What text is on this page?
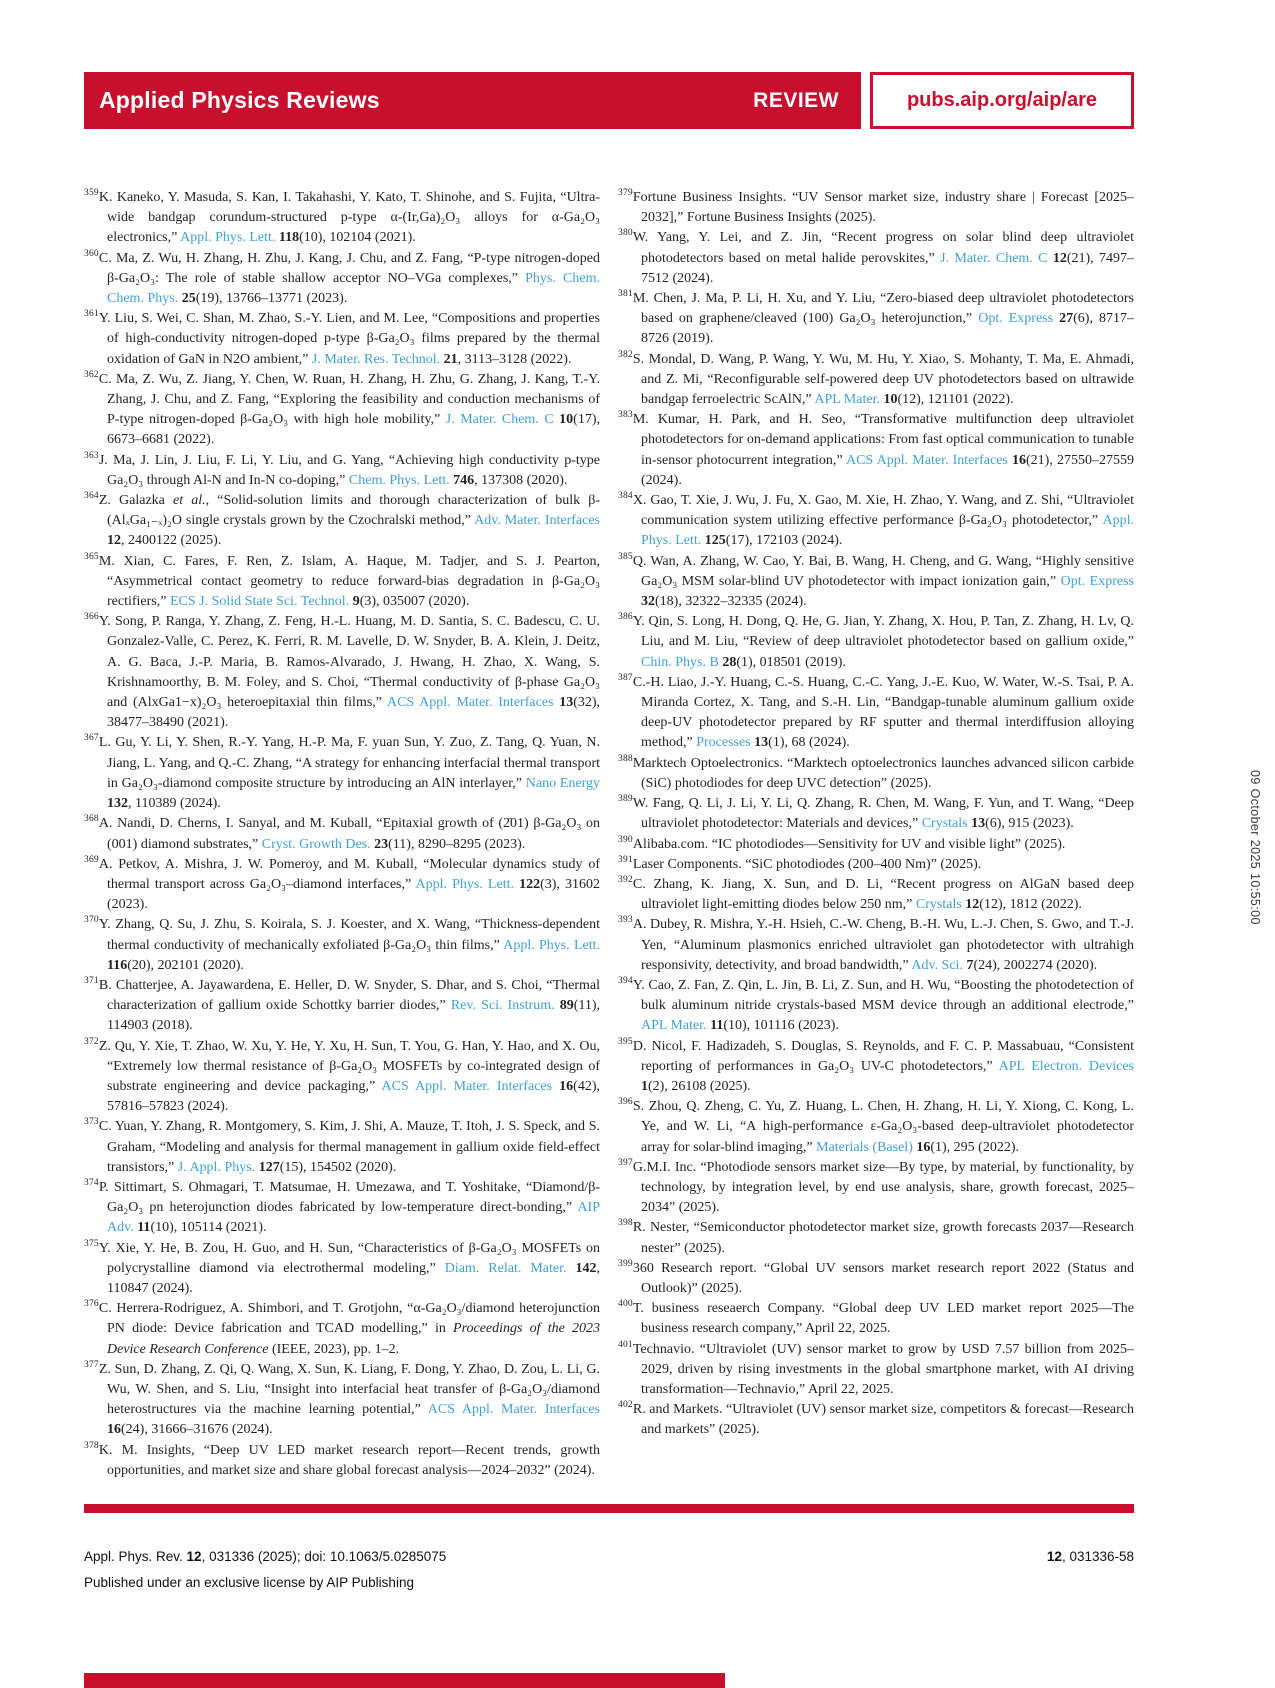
Applied Physics Reviews	REVIEW	pubs.aip.org/aip/are
$^{359}$K. Kaneko, Y. Masuda, S. Kan, I. Takahashi, Y. Kato, T. Shinohe, and S. Fujita, “Ultra-wide bandgap corundum-structured p-type α-(Ir,Ga)₂O₃ alloys for α-Ga₂O₃ electronics,” Appl. Phys. Lett. 118(10), 102104 (2021).
$^{360}$C. Ma, Z. Wu, H. Zhang, H. Zhu, J. Kang, J. Chu, and Z. Fang, “P-type nitrogen-doped β-Ga₂O₃: The role of stable shallow acceptor NO–VGa complexes,” Phys. Chem. Chem. Phys. 25(19), 13766–13771 (2023).
$^{361}$Y. Liu, S. Wei, C. Shan, M. Zhao, S.-Y. Lien, and M. Lee, “Compositions and properties of high-conductivity nitrogen-doped p-type β-Ga₂O₃ films prepared by the thermal oxidation of GaN in N2O ambient,” J. Mater. Res. Technol. 21, 3113–3128 (2022).
$^{362}$C. Ma, Z. Wu, Z. Jiang, Y. Chen, W. Ruan, H. Zhang, H. Zhu, G. Zhang, J. Kang, T.-Y. Zhang, J. Chu, and Z. Fang, “Exploring the feasibility and conduction mechanisms of P-type nitrogen-doped β-Ga₂O₃ with high hole mobility,” J. Mater. Chem. C 10(17), 6673–6681 (2022).
$^{363}$J. Ma, J. Lin, J. Liu, F. Li, Y. Liu, and G. Yang, “Achieving high conductivity p-type Ga₂O₃ through Al-N and In-N co-doping,” Chem. Phys. Lett. 746, 137308 (2020).
$^{364}$Z. Galazka et al., “Solid-solution limits and thorough characterization of bulk β-(AlₓGa₁₋ₓ)₂O single crystals grown by the Czochralski method,” Adv. Mater. Interfaces 12, 2400122 (2025).
$^{365}$M. Xian, C. Fares, F. Ren, Z. Islam, A. Haque, M. Tadjer, and S. J. Pearton, “Asymmetrical contact geometry to reduce forward-bias degradation in β-Ga₂O₃ rectifiers,” ECS J. Solid State Sci. Technol. 9(3), 035007 (2020).
$^{366}$Y. Song, P. Ranga, Y. Zhang, Z. Feng, H.-L. Huang, M. D. Santia, S. C. Badescu, C. U. Gonzalez-Valle, C. Perez, K. Ferri, R. M. Lavelle, D. W. Snyder, B. A. Klein, J. Deitz, A. G. Baca, J.-P. Maria, B. Ramos-Alvarado, J. Hwang, H. Zhao, X. Wang, S. Krishnamoorthy, B. M. Foley, and S. Choi, “Thermal conductivity of β-phase Ga₂O₃ and (AlxGa1−x)₂O₃ heteroepitaxial thin films,” ACS Appl. Mater. Interfaces 13(32), 38477–38490 (2021).
$^{367}$L. Gu, Y. Li, Y. Shen, R.-Y. Yang, H.-P. Ma, F. yuan Sun, Y. Zuo, Z. Tang, Q. Yuan, N. Jiang, L. Yang, and Q.-C. Zhang, “A strategy for enhancing interfacial thermal transport in Ga₂O₃-diamond composite structure by introducing an AlN interlayer,” Nano Energy 132, 110389 (2024).
$^{368}$A. Nandi, D. Cherns, I. Sanyal, and M. Kuball, “Epitaxial growth of (2̄01) β-Ga₂O₃ on (001) diamond substrates,” Cryst. Growth Des. 23(11), 8290–8295 (2023).
$^{369}$A. Petkov, A. Mishra, J. W. Pomeroy, and M. Kuball, “Molecular dynamics study of thermal transport across Ga₂O₃–diamond interfaces,” Appl. Phys. Lett. 122(3), 31602 (2023).
$^{370}$Y. Zhang, Q. Su, J. Zhu, S. Koirala, S. J. Koester, and X. Wang, “Thickness-dependent thermal conductivity of mechanically exfoliated β-Ga₂O₃ thin films,” Appl. Phys. Lett. 116(20), 202101 (2020).
$^{371}$B. Chatterjee, A. Jayawardena, E. Heller, D. W. Snyder, S. Dhar, and S. Choi, “Thermal characterization of gallium oxide Schottky barrier diodes,” Rev. Sci. Instrum. 89(11), 114903 (2018).
$^{372}$Z. Qu, Y. Xie, T. Zhao, W. Xu, Y. He, Y. Xu, H. Sun, T. You, G. Han, Y. Hao, and X. Ou, “Extremely low thermal resistance of β-Ga₂O₃ MOSFETs by co-integrated design of substrate engineering and device packaging,” ACS Appl. Mater. Interfaces 16(42), 57816–57823 (2024).
$^{373}$C. Yuan, Y. Zhang, R. Montgomery, S. Kim, J. Shi, A. Mauze, T. Itoh, J. S. Speck, and S. Graham, “Modeling and analysis for thermal management in gallium oxide field-effect transistors,” J. Appl. Phys. 127(15), 154502 (2020).
$^{374}$P. Sittimart, S. Ohmagari, T. Matsumae, H. Umezawa, and T. Yoshitake, “Diamond/β-Ga₂O₃ pn heterojunction diodes fabricated by low-temperature direct-bonding,” AIP Adv. 11(10), 105114 (2021).
$^{375}$Y. Xie, Y. He, B. Zou, H. Guo, and H. Sun, “Characteristics of β-Ga₂O₃ MOSFETs on polycrystalline diamond via electrothermal modeling,” Diam. Relat. Mater. 142, 110847 (2024).
$^{376}$C. Herrera-Rodriguez, A. Shimbori, and T. Grotjohn, “α-Ga₂O₃/diamond heterojunction PN diode: Device fabrication and TCAD modelling,” in Proceedings of the 2023 Device Research Conference (IEEE, 2023), pp. 1–2.
$^{377}$Z. Sun, D. Zhang, Z. Qi, Q. Wang, X. Sun, K. Liang, F. Dong, Y. Zhao, D. Zou, L. Li, G. Wu, W. Shen, and S. Liu, “Insight into interfacial heat transfer of β-Ga₂O₃/diamond heterostructures via the machine learning potential,” ACS Appl. Mater. Interfaces 16(24), 31666–31676 (2024).
$^{378}$K. M. Insights, “Deep UV LED market research report—Recent trends, growth opportunities, and market size and share global forecast analysis—2024–2032” (2024).
$^{379}$Fortune Business Insights. “UV Sensor market size, industry share | Forecast [2025–2032],” Fortune Business Insights (2025).
$^{380}$W. Yang, Y. Lei, and Z. Jin, “Recent progress on solar blind deep ultraviolet photodetectors based on metal halide perovskites,” J. Mater. Chem. C 12(21), 7497–7512 (2024).
$^{381}$M. Chen, J. Ma, P. Li, H. Xu, and Y. Liu, “Zero-biased deep ultraviolet photodetectors based on graphene/cleaved (100) Ga₂O₃ heterojunction,” Opt. Express 27(6), 8717–8726 (2019).
$^{382}$S. Mondal, D. Wang, P. Wang, Y. Wu, M. Hu, Y. Xiao, S. Mohanty, T. Ma, E. Ahmadi, and Z. Mi, “Reconfigurable self-powered deep UV photodetectors based on ultrawide bandgap ferroelectric ScAlN,” APL Mater. 10(12), 121101 (2022).
$^{383}$M. Kumar, H. Park, and H. Seo, “Transformative multifunction deep ultraviolet photodetectors for on-demand applications: From fast optical communication to tunable in-sensor photocurrent integration,” ACS Appl. Mater. Interfaces 16(21), 27550–27559 (2024).
$^{384}$X. Gao, T. Xie, J. Wu, J. Fu, X. Gao, M. Xie, H. Zhao, Y. Wang, and Z. Shi, “Ultraviolet communication system utilizing effective performance β-Ga₂O₃ photodetector,” Appl. Phys. Lett. 125(17), 172103 (2024).
$^{385}$Q. Wan, A. Zhang, W. Cao, Y. Bai, B. Wang, H. Cheng, and G. Wang, “Highly sensitive Ga₂O₃ MSM solar-blind UV photodetector with impact ionization gain,” Opt. Express 32(18), 32322–32335 (2024).
$^{386}$Y. Qin, S. Long, H. Dong, Q. He, G. Jian, Y. Zhang, X. Hou, P. Tan, Z. Zhang, H. Lv, Q. Liu, and M. Liu, “Review of deep ultraviolet photodetector based on gallium oxide,” Chin. Phys. B 28(1), 018501 (2019).
$^{387}$C.-H. Liao, J.-Y. Huang, C.-S. Huang, C.-C. Yang, J.-E. Kuo, W. Water, W.-S. Tsai, P. A. Miranda Cortez, X. Tang, and S.-H. Lin, “Bandgap-tunable aluminum gallium oxide deep-UV photodetector prepared by RF sputter and thermal interdiffusion alloying method,” Processes 13(1), 68 (2024).
$^{388}$Marktech Optoelectronics. “Marktech optoelectronics launches advanced silicon carbide (SiC) photodiodes for deep UVC detection” (2025).
$^{389}$W. Fang, Q. Li, J. Li, Y. Li, Q. Zhang, R. Chen, M. Wang, F. Yun, and T. Wang, “Deep ultraviolet photodetector: Materials and devices,” Crystals 13(6), 915 (2023).
$^{390}$Alibaba.com. “IC photodiodes—Sensitivity for UV and visible light” (2025).
$^{391}$Laser Components. “SiC photodiodes (200–400 Nm)” (2025).
$^{392}$C. Zhang, K. Jiang, X. Sun, and D. Li, “Recent progress on AlGaN based deep ultraviolet light-emitting diodes below 250 nm,” Crystals 12(12), 1812 (2022).
$^{393}$A. Dubey, R. Mishra, Y.-H. Hsieh, C.-W. Cheng, B.-H. Wu, L.-J. Chen, S. Gwo, and T.-J. Yen, “Aluminum plasmonics enriched ultraviolet gan photodetector with ultrahigh responsivity, detectivity, and broad bandwidth,” Adv. Sci. 7(24), 2002274 (2020).
$^{394}$Y. Cao, Z. Fan, Z. Qin, L. Jin, B. Li, Z. Sun, and H. Wu, “Boosting the photodetection of bulk aluminum nitride crystals-based MSM device through an additional electrode,” APL Mater. 11(10), 101116 (2023).
$^{395}$D. Nicol, F. Hadizadeh, S. Douglas, S. Reynolds, and F. C. P. Massabuau, “Consistent reporting of performances in Ga₂O₃ UV-C photodetectors,” APL Electron. Devices 1(2), 26108 (2025).
$^{396}$S. Zhou, Q. Zheng, C. Yu, Z. Huang, L. Chen, H. Zhang, H. Li, Y. Xiong, C. Kong, L. Ye, and W. Li, “A high-performance ε-Ga₂O₃-based deep-ultraviolet photodetector array for solar-blind imaging,” Materials (Basel) 16(1), 295 (2022).
$^{397}$G.M.I. Inc. “Photodiode sensors market size—By type, by material, by functionality, by technology, by integration level, by end use analysis, share, growth forecast, 2025–2034” (2025).
$^{398}$R. Nester, “Semiconductor photodetector market size, growth forecasts 2037—Research nester” (2025).
$^{399}$360 Research report. “Global UV sensors market research report 2022 (Status and Outlook)” (2025).
$^{400}$T. business reseaerch Company. “Global deep UV LED market report 2025—The business research company,” April 22, 2025.
$^{401}$Technavio. “Ultraviolet (UV) sensor market to grow by USD 7.57 billion from 2025–2029, driven by rising investments in the global smartphone market, with AI driving transformation—Technavio,” April 22, 2025.
$^{402}$R. and Markets. “Ultraviolet (UV) sensor market size, competitors & forecast—Research and markets” (2025).
Appl. Phys. Rev. 12, 031336 (2025); doi: 10.1063/5.0285075	12, 031336-58
Published under an exclusive license by AIP Publishing
09 October 2025 10:55:00
